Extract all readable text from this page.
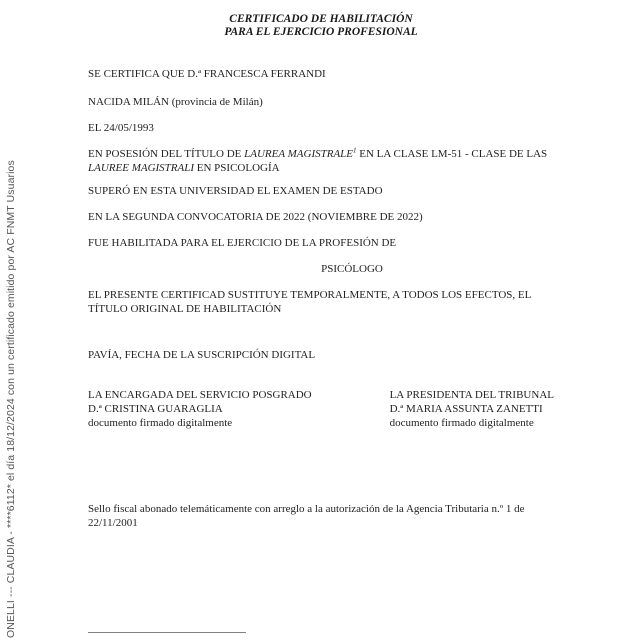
ONELLI --- CLAUDIA - ****6112* el día 18/12/2024 con un certificado emitido por AC FNMT Usuarios
CERTIFICADO DE HABILITACIÓN
PARA EL EJERCICIO PROFESIONAL

SE CERTIFICA QUE D.ª FRANCESCA FERRANDI

NACIDA MILÁN (provincia de Milán)

EL 24/05/1993

EN POSESIÓN DEL TÍTULO DE LAUREA MAGISTRALE$^1$ EN LA CLASE LM-51 - CLASE DE LAS LAUREE MAGISTRALI EN PSICOLOGÍA

SUPERÓ EN ESTA UNIVERSIDAD EL EXAMEN DE ESTADO

EN LA SEGUNDA CONVOCATORIA DE 2022 (NOVIEMBRE DE 2022)

FUE HABILITADA PARA EL EJERCICIO DE LA PROFESIÓN DE

PSICÓLOGO

EL PRESENTE CERTIFICAD SUSTITUYE TEMPORALMENTE, A TODOS LOS EFECTOS, EL TÍTULO ORIGINAL DE HABILITACIÓN

PAVÍA, FECHA DE LA SUSCRIPCIÓN DIGITAL

LA ENCARGADA DEL SERVICIO POSGRADO
D.ª CRISTINA GUARAGLIA
documento firmado digitalmente
LA PRESIDENTA DEL TRIBUNAL
D.ª MARIA ASSUNTA ZANETTI
documento firmado digitalmente

Sello fiscal abonado telemáticamente con arreglo a la autorización de la Agencia Tributaria n.º 1 de 22/11/2001
